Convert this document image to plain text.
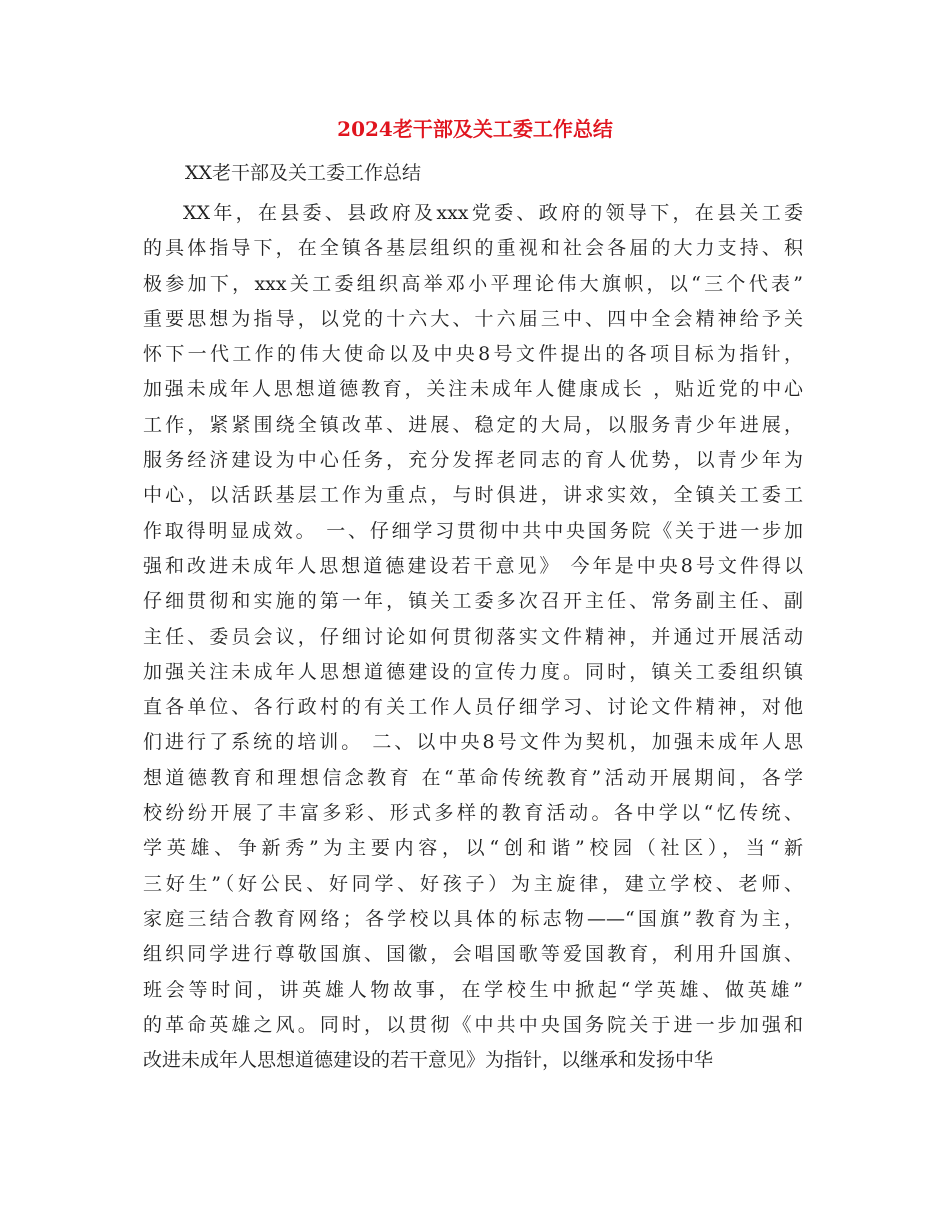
2024老干部及关工委工作总结
XX老干部及关工委工作总结
XX年，在县委、县政府及xxx党委、政府的领导下，在县关工委
的具体指导下，在全镇各基层组织的重视和社会各届的大力支持、积
极参加下，xxx关工委组织高举邓小平理论伟大旗帜，以“三个代表”
重要思想为指导，以党的十六大、十六届三中、四中全会精神给予关
怀下一代工作的伟大使命以及中央8号文件提出的各项目标为指针，
加强未成年人思想道德教育，关注未成年人健康成长 ，贴近党的中心
工作，紧紧围绕全镇改革、进展、稳定的大局，以服务青少年进展，
服务经济建设为中心任务，充分发挥老同志的育人优势，以青少年为
中心，以活跃基层工作为重点，与时俱进，讲求实效，全镇关工委工
作取得明显成效。 一、仔细学习贯彻中共中央国务院《关于进一步加
强和改进未成年人思想道德建设若干意见》 今年是中央8号文件得以
仔细贯彻和实施的第一年，镇关工委多次召开主任、常务副主任、副
主任、委员会议，仔细讨论如何贯彻落实文件精神，并通过开展活动
加强关注未成年人思想道德建设的宣传力度。同时，镇关工委组织镇
直各单位、各行政村的有关工作人员仔细学习、讨论文件精神，对他
们进行了系统的培训。 二、以中央8号文件为契机，加强未成年人思
想道德教育和理想信念教育 在“革命传统教育”活动开展期间，各学
校纷纷开展了丰富多彩、形式多样的教育活动。各中学以“忆传统、
学英雄、争新秀”为主要内容，以“创和谐”校园（社区），当“新
三好生”（好公民、好同学、好孩子）为主旋律，建立学校、老师、
家庭三结合教育网络；各学校以具体的标志物——“国旗”教育为主，
组织同学进行尊敬国旗、国徽，会唱国歌等爱国教育，利用升国旗、
班会等时间，讲英雄人物故事，在学校生中掀起“学英雄、做英雄”
的革命英雄之风。同时，以贯彻《中共中央国务院关于进一步加强和
改进未成年人思想道德建设的若干意见》为指针，以继承和发扬中华
